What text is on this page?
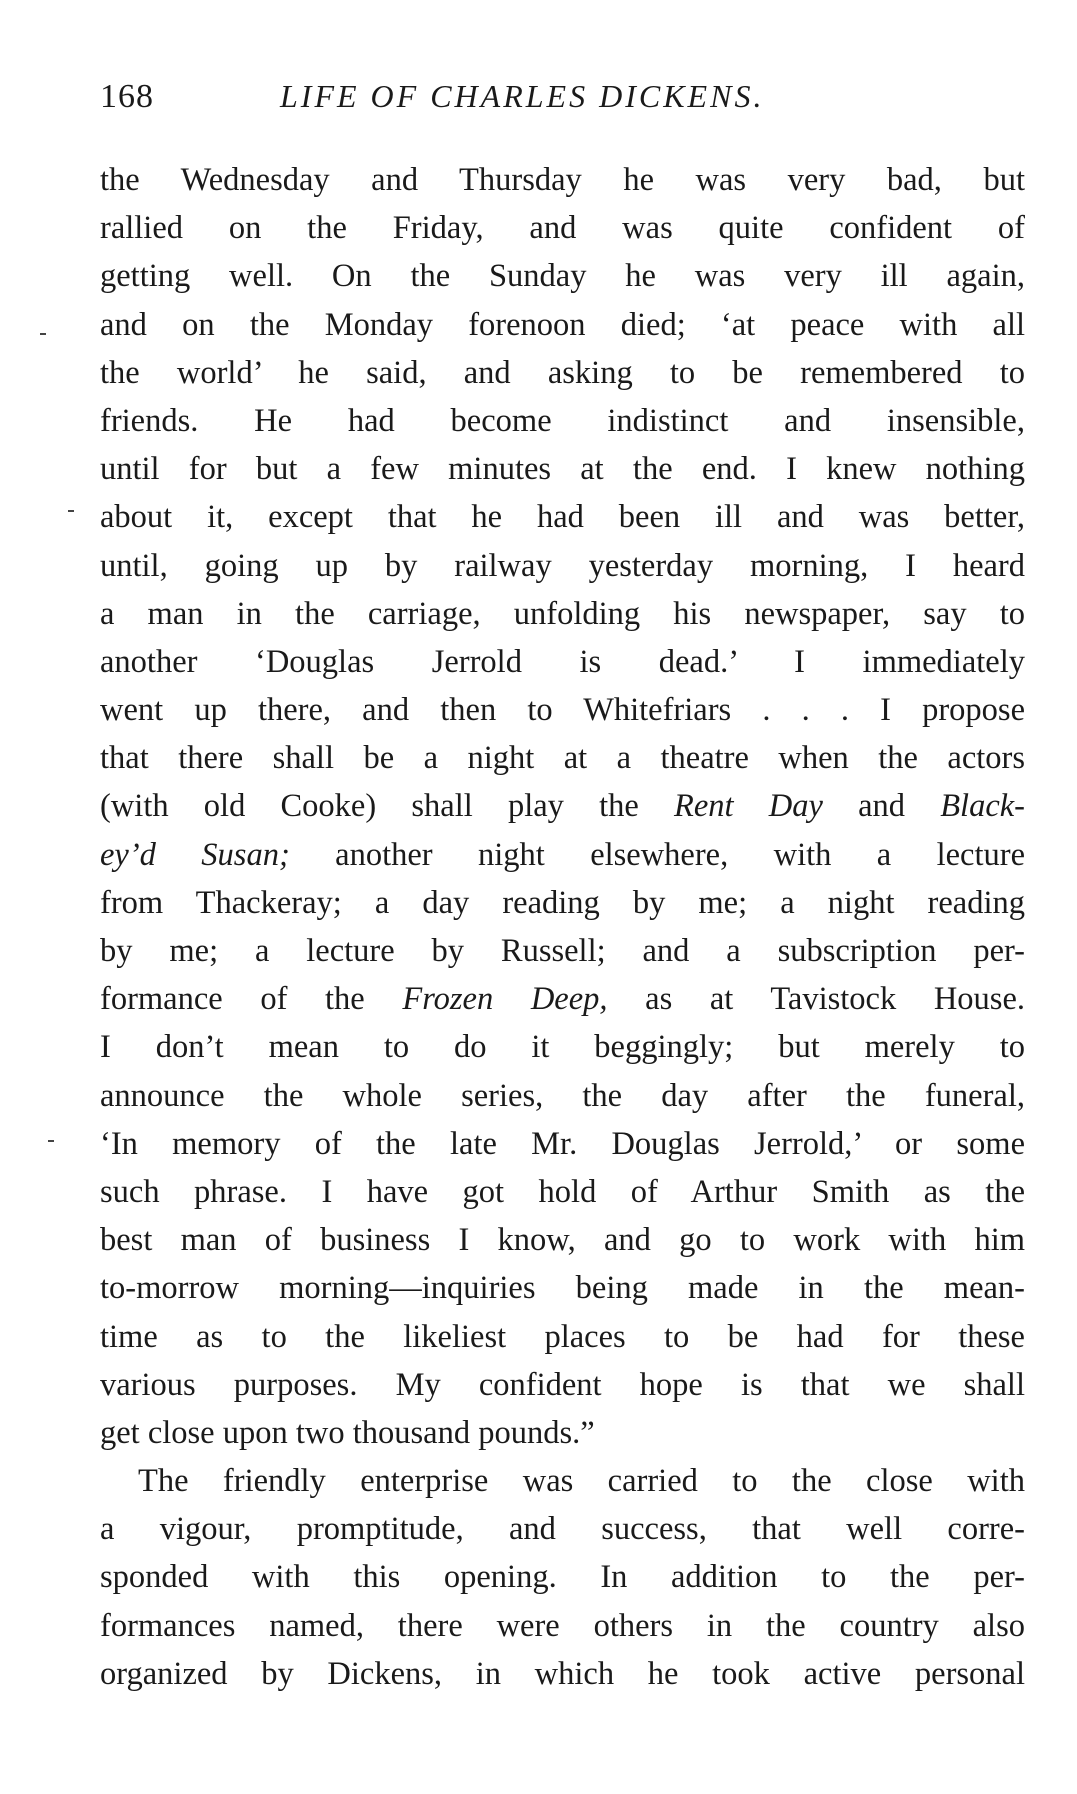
168	LIFE OF CHARLES DICKENS.
the Wednesday and Thursday he was very bad, but
rallied on the Friday, and was quite confident of
getting well. On the Sunday he was very ill again,
and on the Monday forenoon died; ‘at peace with all
the world’ he said, and asking to be remembered to
friends. He had become indistinct and insensible,
until for but a few minutes at the end. I knew nothing
about it, except that he had been ill and was better,
until, going up by railway yesterday morning, I heard
a man in the carriage, unfolding his newspaper, say to
another ‘Douglas Jerrold is dead.’ I immediately
went up there, and then to Whitefriars . . . I propose
that there shall be a night at a theatre when the actors
(with old Cooke) shall play the Rent Day and Black-
ey’d Susan; another night elsewhere, with a lecture
from Thackeray; a day reading by me; a night reading
by me; a lecture by Russell; and a subscription per-
formance of the Frozen Deep, as at Tavistock House.
I don’t mean to do it beggingly; but merely to
announce the whole series, the day after the funeral,
‘In memory of the late Mr. Douglas Jerrold,’ or some
such phrase. I have got hold of Arthur Smith as the
best man of business I know, and go to work with him
to-morrow morning—inquiries being made in the mean-
time as to the likeliest places to be had for these
various purposes. My confident hope is that we shall
get close upon two thousand pounds.”
The friendly enterprise was carried to the close with
a vigour, promptitude, and success, that well corre-
sponded with this opening. In addition to the per-
formances named, there were others in the country also
organized by Dickens, in which he took active personal
